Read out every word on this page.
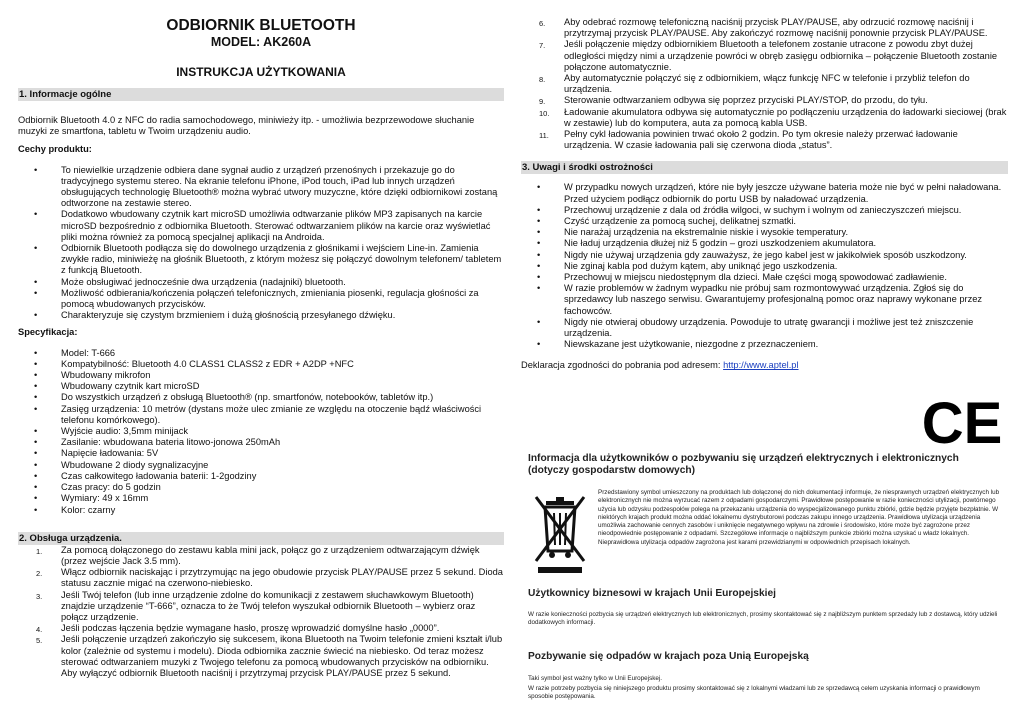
ODBIORNIK BLUETOOTH
MODEL: AK260A
INSTRUKCJA UŻYTKOWANIA
1. Informacje ogólne

Odbiornik Bluetooth 4.0 z NFC do radia samochodowego, miniwieży itp. - umożliwia bezprzewodowe słuchanie muzyki ze smartfona, tabletu w Twoim urządzeniu audio.

Cechy produktu:

• To niewielkie urządzenie odbiera dane sygnał audio z urządzeń przenośnych i przekazuje go do tradycyjnego systemu stereo. Na ekranie telefonu iPhone, iPod touch, iPad lub innych urządzeń obsługujących technologię Bluetooth® można wybrać utwory muzyczne, które dzięki odbiornikowi zostaną odtworzone na zestawie stereo.
• Dodatkowo wbudowany czytnik kart microSD umożliwia odtwarzanie plików MP3 zapisanych na karcie microSD bezpośrednio z odbiornika Bluetooth. Sterować odtwarzaniem plików na karcie oraz wyświetlać pliki można również za pomocą specjalnej aplikacji na Androida.
• Odbiornik Bluetooth podłącza się do dowolnego urządzenia z głośnikami i wejściem Line-in. Zamienia zwykłe radio, miniwieżę na głośnik Bluetooth, z którym możesz się połączyć dowolnym telefonem/ tabletem z funkcją Bluetooth.
• Może obsługiwać jednocześnie dwa urządzenia (nadajniki) bluetooth.
• Możliwość odbierania/kończenia połączeń telefonicznych, zmieniania piosenki, regulacja głośności za pomocą wbudowanych przycisków.
• Charakteryzuje się czystym brzmieniem i dużą głośnością przesyłanego dźwięku.

Specyfikacja:

• Model: T-666
• Kompatybilność: Bluetooth 4.0 CLASS1 CLASS2 z EDR + A2DP +NFC
• Wbudowany mikrofon
• Wbudowany czytnik kart microSD
• Do wszystkich urządzeń z obsługą Bluetooth® (np. smartfonów, notebooków, tabletów itp.)
• Zasięg urządzenia: 10 metrów (dystans może ulec zmianie ze względu na otoczenie bądź właściwości telefonu komórkowego).
• Wyjście audio: 3,5mm minijack
• Zasilanie: wbudowana bateria litowo-jonowa 250mAh
• Napięcie ładowania: 5V
• Wbudowane 2 diody sygnalizacyjne
• Czas całkowitego ładowania baterii: 1-2godziny
• Czas pracy: do 5 godzin
• Wymiary: 49 x 16mm
• Kolor: czarny
2. Obsługa urządzenia.
1. Za pomocą dołączonego do zestawu kabla mini jack, połącz go z urządzeniem odtwarzającym dźwięk (przez wejście Jack 3.5 mm).
2. Włącz odbiornik naciskając i przytrzymując na jego obudowie przycisk PLAY/PAUSE przez 5 sekund. Dioda statusu zacznie migać na czerwono-niebiesko.
3. Jeśli Twój telefon (lub inne urządzenie zdolne do komunikacji z zestawem słuchawkowym Bluetooth) znajdzie urządzenie “T-666”, oznacza to że Twój telefon wyszukał odbiornik Bluetooth – wybierz oraz połącz urządzenie.
4. Jeśli podczas łączenia będzie wymagane hasło, proszę wprowadzić domyślne hasło „0000”.
5. Jeśli połączenie urządzeń zakończyło się sukcesem, ikona Bluetooth na Twoim telefonie zmieni kształt i/lub kolor (zależnie od systemu i modelu). Dioda odbiornika zacznie świecić na niebiesko. Od teraz możesz sterować odtwarzaniem muzyki z Twojego telefonu za pomocą wbudowanych przycisków na odbiorniku. Aby wyłączyć odbiornik Bluetooth naciśnij i przytrzymaj przycisk PLAY/PAUSE przez 5 sekund.
6. Aby odebrać rozmowę telefoniczną naciśnij przycisk PLAY/PAUSE, aby odrzucić rozmowę naciśnij i przytrzymaj przycisk PLAY/PAUSE. Aby zakończyć rozmowę naciśnij ponownie przycisk PLAY/PAUSE.
7. Jeśli połączenie między odbiornikiem Bluetooth a telefonem zostanie utracone z powodu zbyt dużej odległości między nimi a urządzenie powróci w obręb zasięgu odbiornika – połączenie Bluetooth zostanie połączone automatycznie.
8. Aby automatycznie połączyć się z odbiornikiem, włącz funkcję NFC w telefonie i przybliż telefon do urządzenia.
9. Sterowanie odtwarzaniem odbywa się poprzez przyciski PLAY/STOP, do przodu, do tyłu.
10. Ładowanie akumulatora odbywa się automatycznie po podłączeniu urządzenia do ładowarki sieciowej (brak w zestawie) lub do komputera, auta za pomocą kabla USB.
11. Pełny cykl ładowania powinien trwać około 2 godzin. Po tym okresie należy przerwać ładowanie urządzenia. W czasie ładowania pali się czerwona dioda „status”.
3. Uwagi i środki ostrożności
• W przypadku nowych urządzeń, które nie były jeszcze używane bateria może nie być w pełni naładowana. Przed użyciem podłącz odbiornik do portu USB by naładować urządzenia.
• Przechowuj urządzenie z dala od źródła wilgoci, w suchym i wolnym od zanieczyszczeń miejscu.
• Czyść urządzenie za pomocą suchej, delikatnej szmatki.
• Nie narażaj urządzenia na ekstremalnie niskie i wysokie temperatury.
• Nie ładuj urządzenia dłużej niż 5 godzin – grozi uszkodzeniem akumulatora.
• Nigdy nie używaj urządzenia gdy zauważysz, że jego kabel jest w jakikolwiek sposób uszkodzony.
• Nie zginaj kabla pod dużym kątem, aby uniknąć jego uszkodzenia.
• Przechowuj w miejscu niedostępnym dla dzieci. Małe części mogą spowodować zadławienie.
• W razie problemów w żadnym wypadku nie próbuj sam rozmontowywać urządzenia. Zgłoś się do sprzedawcy lub naszego serwisu. Gwarantujemy profesjonalną pomoc oraz naprawy wykonane przez fachowców.
• Nigdy nie otwieraj obudowy urządzenia. Powoduje to utratę gwarancji i możliwe jest też zniszczenie urządzenia.
• Niewskazane jest użytkowanie, niezgodne z przeznaczeniem.

Deklaracja zgodności do pobrania pod adresem: http://www.aptel.pl

CE
Informacja dla użytkowników o pozbywaniu się urządzeń elektrycznych i elektronicznych (dotyczy gospodarstw domowych)

Przedstawiony symbol umieszczony na produktach lub dołączonej do nich dokumentacji informuje, że niesprawnych urządzeń elektrycznych lub elektronicznych nie można wyrzucać razem z odpadami gospodarczymi. Prawidłowe postępowanie w razie konieczności utylizacji, powtórnego użycia lub odzysku podzespołów polega na przekazaniu urządzenia do wyspecjalizowanego punktu zbiórki, gdzie będzie przyjęte bezpłatnie. W niektórych krajach produkt można oddać lokalnemu dystrybutorowi podczas zakupu innego urządzenia. Prawidłowa utylizacja urządzenia umożliwia zachowanie cennych zasobów i uniknięcie negatywnego wpływu na zdrowie i środowisko, które może być zagrożone przez nieodpowiednie postępowanie z odpadami. Szczegółowe informacje o najbliższym punkcie zbiórki można uzyskać u władz lokalnych. Nieprawidłowa utylizacja odpadów zagrożona jest karami przewidzianymi w odpowiednich przepisach lokalnych.

Użytkownicy biznesowi w krajach Unii Europejskiej

W razie konieczności pozbycia się urządzeń elektrycznych lub elektronicznych, prosimy skontaktować się z najbliższym punktem sprzedaży lub z dostawcą, który udzieli dodatkowych informacji.

Pozbywanie się odpadów w krajach poza Unią Europejską

Taki symbol jest ważny tylko w Unii Europejskej.

W razie potrzeby pozbycia się niniejszego produktu prosimy skontaktować się z lokalnymi władzami lub ze sprzedawcą celem uzyskania informacji o prawidłowym sposobie postępowania.
